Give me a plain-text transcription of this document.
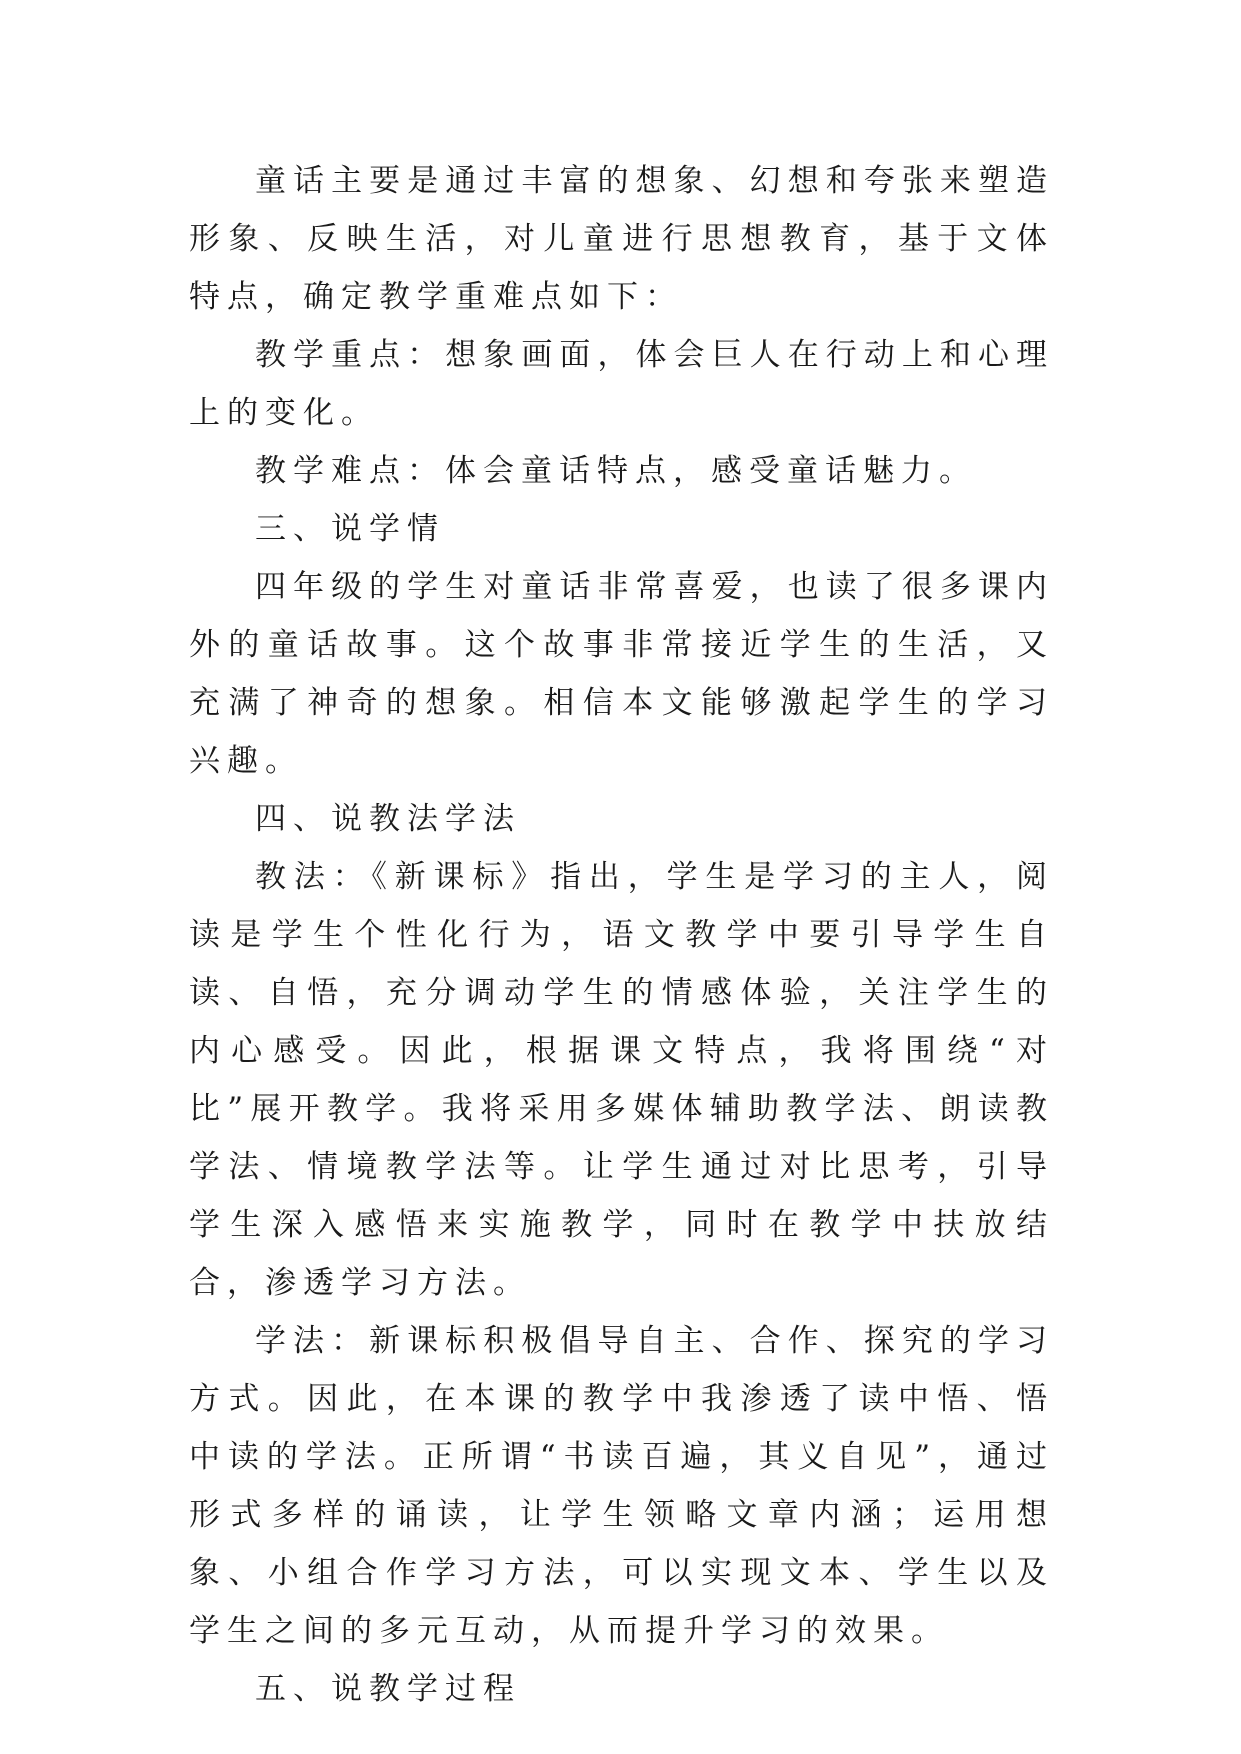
童话主要是通过丰富的想象、幻想和夸张来塑造形象、反映生活，对儿童进行思想教育，基于文体特点，确定教学重难点如下：

教学重点：想象画面，体会巨人在行动上和心理上的变化。

教学难点：体会童话特点，感受童话魅力。

三、说学情

四年级的学生对童话非常喜爱，也读了很多课内外的童话故事。这个故事非常接近学生的生活，又充满了神奇的想象。相信本文能够激起学生的学习兴趣。

四、说教法学法

教法：《新课标》指出，学生是学习的主人，阅读是学生个性化行为，语文教学中要引导学生自读、自悟，充分调动学生的情感体验，关注学生的内心感受。因此，根据课文特点，我将围绕“对比”展开教学。我将采用多媒体辅助教学法、朗读教学法、情境教学法等。让学生通过对比思考，引导学生深入感悟来实施教学，同时在教学中扶放结合，渗透学习方法。

学法：新课标积极倡导自主、合作、探究的学习方式。因此，在本课的教学中我渗透了读中悟、悟中读的学法。正所谓“书读百遍，其义自见”，通过形式多样的诵读，让学生领略文章内涵；运用想象、小组合作学习方法，可以实现文本、学生以及学生之间的多元互动，从而提升学习的效果。

五、说教学过程
